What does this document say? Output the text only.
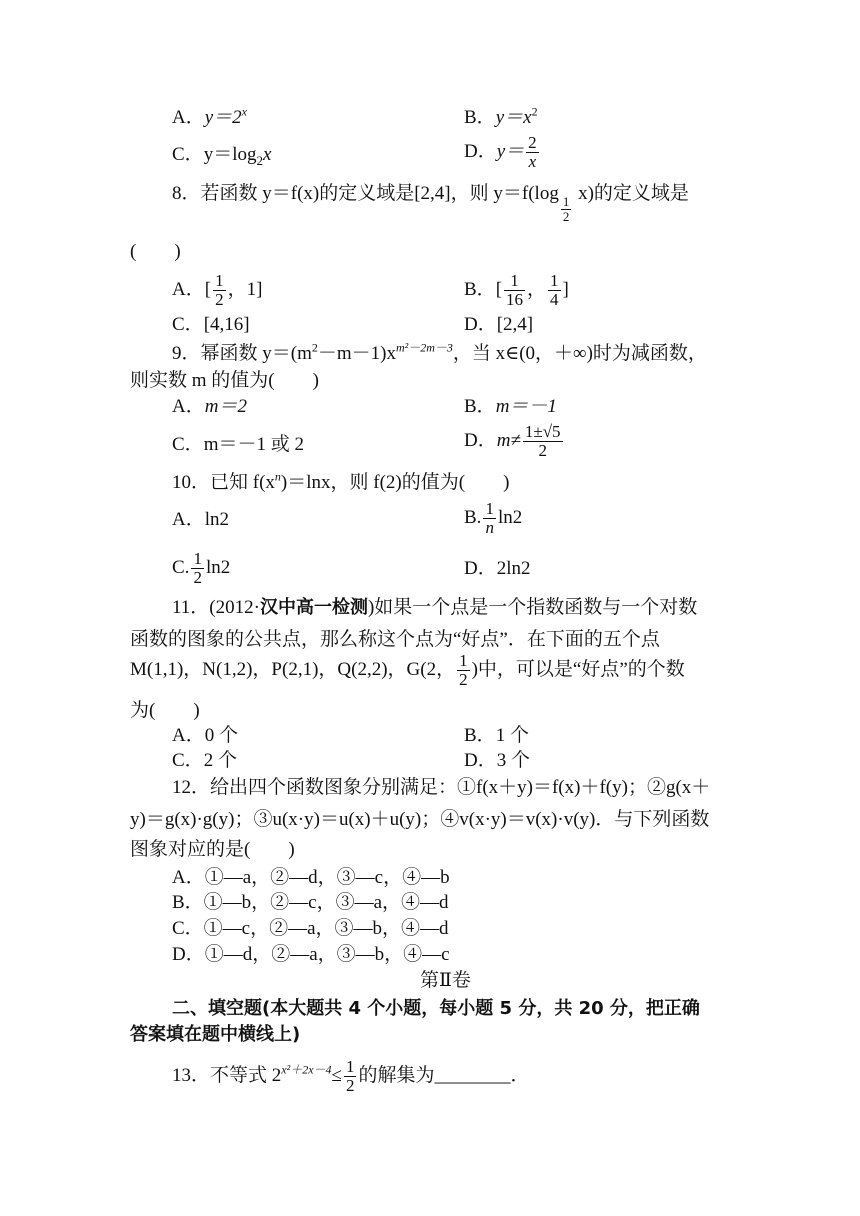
A．$y=2^x$	B．$y=x^2$
C．$y=\log_2x$	D．$y= \frac{2}{x}$
8．若函数 y＝f(x)的定义域是[2,4]，则 y＝f(log
$\frac{1}{2}$
x)的定义域是
(　　)
A．[ $\frac{1}{2}$ ，1]	B．[ $\frac{1}{16}$ ， $\frac{1}{4}$ ]
C．[4,16]	D．[2,4]
9．幂函数 $y=(m^2-m-1)x^{m^2-2m-3}$，当 x∈(0，＋∞)时为减函数，
则实数 m 的值为(　　)
A．m＝2	B．m＝－1
C．m＝－1 或 2	D．$m\ne \frac{1\pm√5}{2}$
10．已知 $f(x^n)=\ln x$，则 f(2)的值为(　　)
A．ln2	B. $\frac{1}{n} \ln 2$
C. $\frac{1}{2} \ln 2$	D．2ln2
11．(2012·汉中高一检测)如果一个点是一个指数函数与一个对数
函数的图象的公共点，那么称这个点为“好点”．在下面的五个点
M(1,1)，N(1,2)，P(2,1)，Q(2,2)，G(2， $\frac{1}{2}$ )中，可以是“好点”的个数
为(　　)
A．0 个	B．1 个
C．2 个	D．3 个
12．给出四个函数图象分别满足：①f(x＋y)＝f(x)＋f(y)；②g(x＋
y)＝g(x)·g(y)；③u(x·y)＝u(x)＋u(y)；④v(x·y)＝v(x)·v(y)．与下列函数
图象对应的是(　　)
A．①—a，②—d，③—c，④—b
B．①—b，②—c，③—a，④—d
C．①—c，②—a，③—b，④—d
D．①—d，②—a，③—b，④—c
第Ⅱ卷
二、填空题(本大题共 4 个小题，每小题 5 分，共 20 分，把正确
答案填在题中横线上)
13．不等式 $2^{x^2+2x-4}\le \frac{1}{2}$ 的解集为________．
